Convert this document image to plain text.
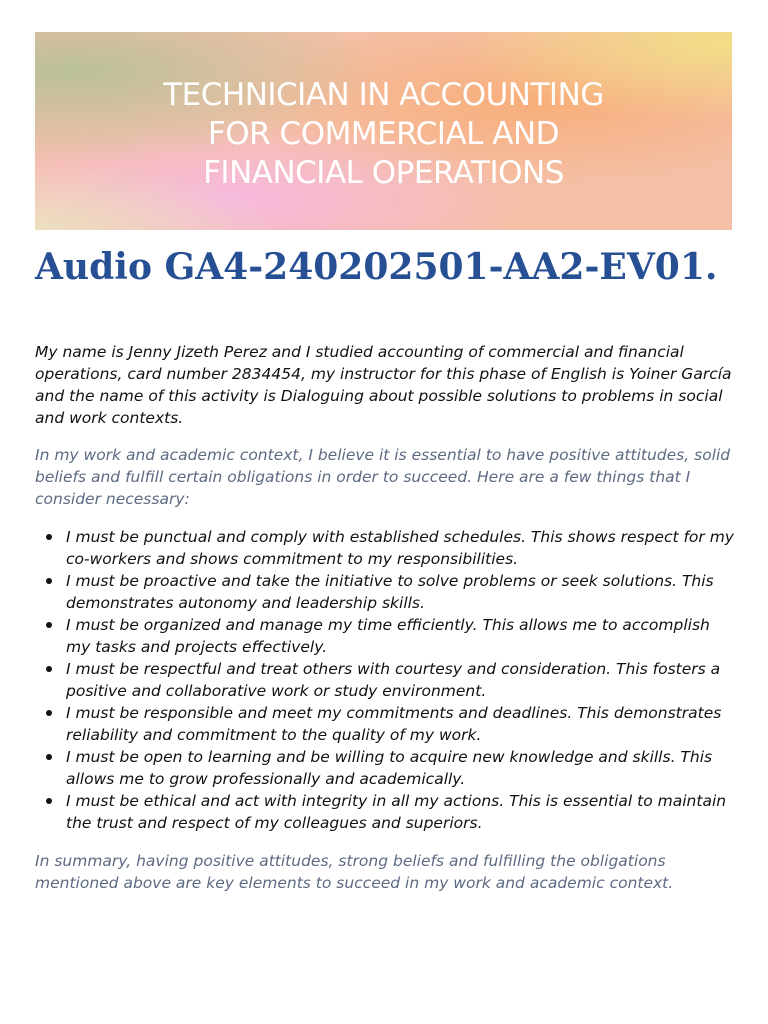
TECHNICIAN IN ACCOUNTING
FOR COMMERCIAL AND
FINANCIAL OPERATIONS
Audio GA4-240202501-AA2-EV01.

My name is Jenny Jizeth Perez and I studied accounting of commercial and financial operations, card number 2834454, my instructor for this phase of English is Yoiner García and the name of this activity is Dialoguing about possible solutions to problems in social and work contexts.

In my work and academic context, I believe it is essential to have positive attitudes, solid beliefs and fulfill certain obligations in order to succeed. Here are a few things that I consider necessary:

I must be punctual and comply with established schedules. This shows respect for my co-workers and shows commitment to my responsibilities.
I must be proactive and take the initiative to solve problems or seek solutions. This demonstrates autonomy and leadership skills.
I must be organized and manage my time efficiently. This allows me to accomplish my tasks and projects effectively.
I must be respectful and treat others with courtesy and consideration. This fosters a positive and collaborative work or study environment.
I must be responsible and meet my commitments and deadlines. This demonstrates reliability and commitment to the quality of my work.
I must be open to learning and be willing to acquire new knowledge and skills. This allows me to grow professionally and academically.
I must be ethical and act with integrity in all my actions. This is essential to maintain the trust and respect of my colleagues and superiors.

In summary, having positive attitudes, strong beliefs and fulfilling the obligations mentioned above are key elements to succeed in my work and academic context.
